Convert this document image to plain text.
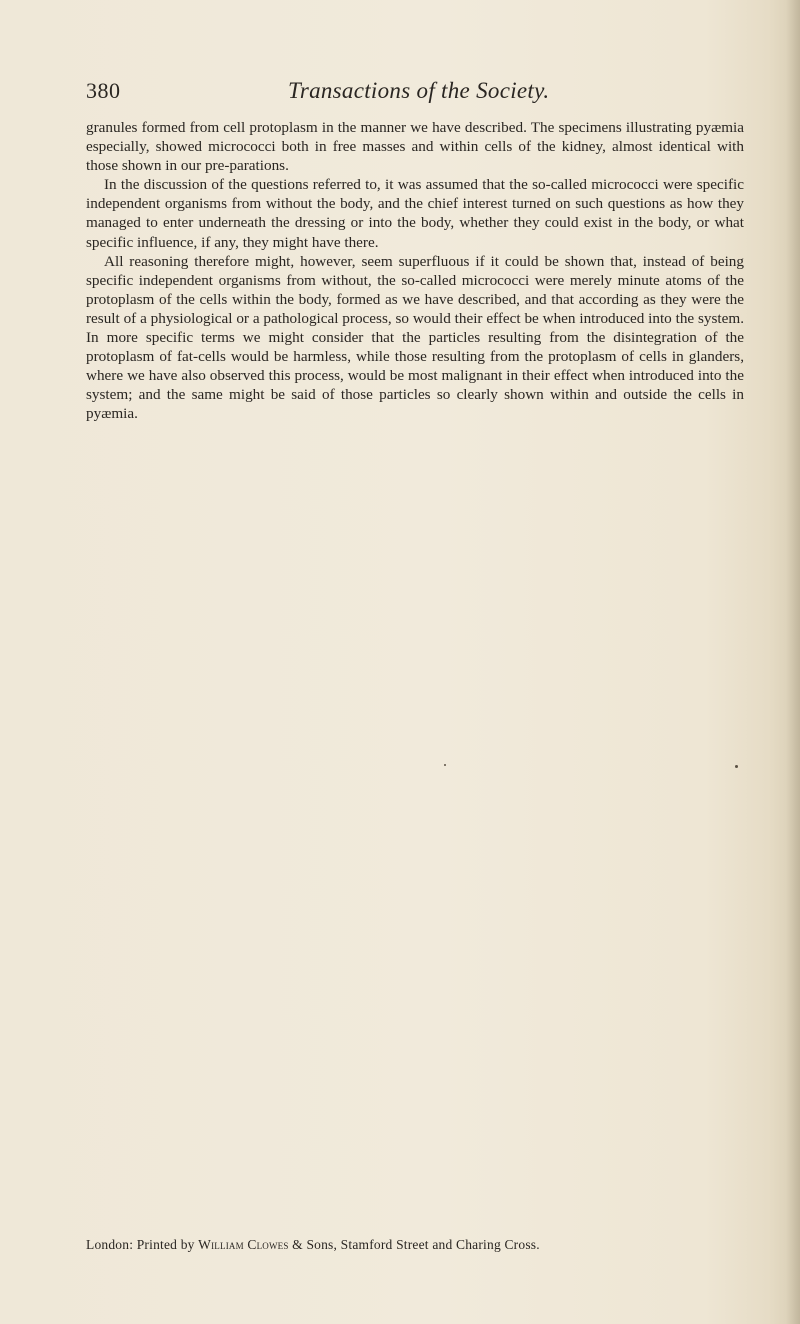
380	Transactions of the Society.

granules formed from cell protoplasm in the manner we have described. The specimens illustrating pyæmia especially, showed micrococci both in free masses and within cells of the kidney, almost identical with those shown in our pre-parations.

In the discussion of the questions referred to, it was assumed that the so-called micrococci were specific independent organisms from without the body, and the chief interest turned on such questions as how they managed to enter underneath the dressing or into the body, whether they could exist in the body, or what specific influence, if any, they might have there.

All reasoning therefore might, however, seem superfluous if it could be shown that, instead of being specific independent organisms from without, the so-called micrococci were merely minute atoms of the protoplasm of the cells within the body, formed as we have described, and that according as they were the result of a physiological or a pathological process, so would their effect be when introduced into the system. In more specific terms we might consider that the particles resulting from the disintegration of the protoplasm of fat-cells would be harmless, while those resulting from the protoplasm of cells in glanders, where we have also observed this process, would be most malignant in their effect when introduced into the system; and the same might be said of those particles so clearly shown within and outside the cells in pyæmia.

London: Printed by William Clowes & Sons, Stamford Street and Charing Cross.
